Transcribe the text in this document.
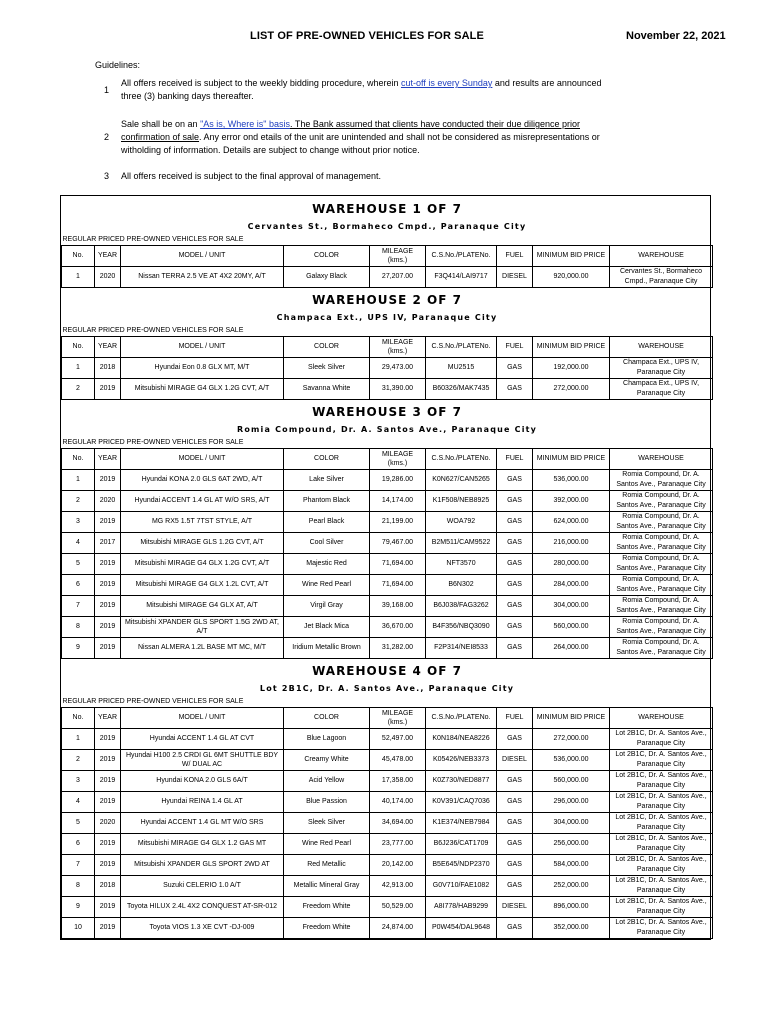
LIST OF PRE-OWNED VEHICLES FOR SALE	November 22, 2021
Guidelines:
1
All offers received is subject to the weekly bidding procedure, wherein cut-off is every Sunday and results are announced three (3) banking days thereafter.
2
Sale shall be on an "As is, Where is" basis. The Bank assumed that clients have conducted their due diligence prior confirmation of sale. Any error ond etails of the unit are unintended and shall not be considered as misrepresentations or witholding of information. Details are subject to change without prior notice.
3 All offers received is subject to the final approval of management.
WAREHOUSE 1 OF 7								
Cervantes St., Bormaheco Cmpd., Paranaque City								
REGULAR PRICED PRE-OWNED VEHICLES FOR SALE								
No.	YEAR	MODEL / UNIT	COLOR	MILEAGE (kms.)	C.S.No./PLATENo.	FUEL	MINIMUM BID PRICE	WAREHOUSE
1	2020	Nissan TERRA 2.5 VE AT 4X2 20MY, A/T	Galaxy Black	27,207.00	F3Q414/LAI9717	DIESEL	920,000.00	Cervantes St., Bormaheco Cmpd., Paranaque City
WAREHOUSE 2 OF 7								
Champaca Ext., UPS IV, Paranaque City								
REGULAR PRICED PRE-OWNED VEHICLES FOR SALE								
No.	YEAR	MODEL / UNIT	COLOR	MILEAGE (kms.)	C.S.No./PLATENo.	FUEL	MINIMUM BID PRICE	WAREHOUSE
1	2018	Hyundai Eon 0.8 GLX MT, M/T	Sleek Silver	29,473.00	MU2515	GAS	192,000.00	Champaca Ext., UPS IV, Paranaque City
2	2019	Mitsubishi MIRAGE G4 GLX 1.2G CVT, A/T	Savanna White	31,390.00	B60326/MAK7435	GAS	272,000.00	Champaca Ext., UPS IV, Paranaque City
WAREHOUSE 3 OF 7								
Romia Compound, Dr. A. Santos Ave., Paranaque City								
REGULAR PRICED PRE-OWNED VEHICLES FOR SALE								
No.	YEAR	MODEL / UNIT	COLOR	MILEAGE (kms.)	C.S.No./PLATENo.	FUEL	MINIMUM BID PRICE	WAREHOUSE
1	2019	Hyundai KONA 2.0 GLS 6AT 2WD, A/T	Lake Silver	19,286.00	K0N627/CAN5265	GAS	536,000.00	Romia Compound, Dr. A. Santos Ave., Paranaque City
2	2020	Hyundai ACCENT 1.4 GL AT W/O SRS, A/T	Phantom Black	14,174.00	K1F508/NEB8925	GAS	392,000.00	Romia Compound, Dr. A. Santos Ave., Paranaque City
3	2019	MG RX5 1.5T 7TST STYLE, A/T	Pearl Black	21,199.00	WOA792	GAS	624,000.00	Romia Compound, Dr. A. Santos Ave., Paranaque City
4	2017	Mitsubishi MIRAGE GLS 1.2G CVT, A/T	Cool Silver	79,467.00	B2M511/CAM9522	GAS	216,000.00	Romia Compound, Dr. A. Santos Ave., Paranaque City
5	2019	Mitsubishi MIRAGE G4 GLX 1.2G CVT, A/T	Majestic Red	71,694.00	NFT3570	GAS	280,000.00	Romia Compound, Dr. A. Santos Ave., Paranaque City
6	2019	Mitsubishi MIRAGE G4 GLX 1.2L CVT, A/T	Wine Red Pearl	71,694.00	B6N302	GAS	284,000.00	Romia Compound, Dr. A. Santos Ave., Paranaque City
7	2019	Mitsubishi MIRAGE G4 GLX AT, A/T	Virgil Gray	39,168.00	B6J038/FAG3262	GAS	304,000.00	Romia Compound, Dr. A. Santos Ave., Paranaque City
8	2019	Mitsubishi XPANDER GLS SPORT 1.5G 2WD AT, A/T	Jet Black Mica	36,670.00	B4F356/NBQ3090	GAS	560,000.00	Romia Compound, Dr. A. Santos Ave., Paranaque City
9	2019	Nissan ALMERA 1.2L BASE MT MC, M/T	Iridium Metallic Brown	31,282.00	F2P314/NEI8533	GAS	264,000.00	Romia Compound, Dr. A. Santos Ave., Paranaque City
WAREHOUSE 4 OF 7								
Lot 2B1C, Dr. A. Santos Ave., Paranaque City								
REGULAR PRICED PRE-OWNED VEHICLES FOR SALE								
No.	YEAR	MODEL / UNIT	COLOR	MILEAGE (kms.)	C.S.No./PLATENo.	FUEL	MINIMUM BID PRICE	WAREHOUSE
1	2019	Hyundai ACCENT 1.4 GL AT CVT	Blue Lagoon	52,497.00	K0N184/NEA8226	GAS	272,000.00	Lot 2B1C, Dr. A. Santos Ave., Paranaque City
2	2019	Hyundai H100 2.5 CRDI GL 6MT SHUTTLE BDY W/ DUAL AC	Creamy White	45,478.00	K05426/NEB3373	DIESEL	536,000.00	Lot 2B1C, Dr. A. Santos Ave., Paranaque City
3	2019	Hyundai KONA 2.0 GLS 6A/T	Acid Yellow	17,358.00	K0Z730/NED8877	GAS	560,000.00	Lot 2B1C, Dr. A. Santos Ave., Paranaque City
4	2019	Hyundai REINA 1.4 GL AT	Blue Passion	40,174.00	K0V391/CAQ7036	GAS	296,000.00	Lot 2B1C, Dr. A. Santos Ave., Paranaque City
5	2020	Hyundai ACCENT 1.4 GL MT W/O SRS	Sleek Silver	34,694.00	K1E374/NEB7984	GAS	304,000.00	Lot 2B1C, Dr. A. Santos Ave., Paranaque City
6	2019	Mitsubishi MIRAGE G4 GLX 1.2 GAS MT	Wine Red Pearl	23,777.00	B6J236/CAT1709	GAS	256,000.00	Lot 2B1C, Dr. A. Santos Ave., Paranaque City
7	2019	Mitsubishi XPANDER GLS SPORT 2WD AT	Red Metallic	20,142.00	B5E645/NDP2370	GAS	584,000.00	Lot 2B1C, Dr. A. Santos Ave., Paranaque City
8	2018	Suzuki CELERIO 1.0 A/T	Metallic Mineral Gray	42,913.00	G0V710/FAE1082	GAS	252,000.00	Lot 2B1C, Dr. A. Santos Ave., Paranaque City
9	2019	Toyota HILUX 2.4L 4X2 CONQUEST AT-SR-012	Freedom White	50,529.00	A8I778/HAB9299	DIESEL	896,000.00	Lot 2B1C, Dr. A. Santos Ave., Paranaque City
10	2019	Toyota VIOS 1.3 XE CVT -DJ-009	Freedom White	24,874.00	P0W454/DAL9648	GAS	352,000.00	Lot 2B1C, Dr. A. Santos Ave., Paranaque City
